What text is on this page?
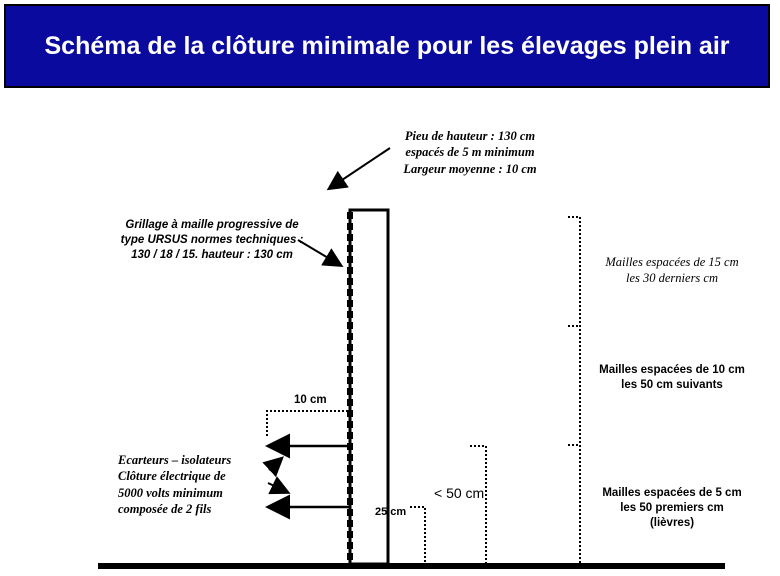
Schéma de la clôture minimale pour les élevages plein air
Pieu de hauteur : 130 cm
espacés de 5 m minimum
Largeur moyenne : 10 cm
Grillage à maille progressive de
type URSUS normes techniques :
130 / 18 / 15. hauteur : 130 cm
10 cm
Ecarteurs – isolateurs
Clôture électrique de
5000 volts minimum
composée de 2 fils
< 50 cm
25 cm
Mailles espacées de 15 cm
les 30 derniers cm
Mailles espacées de 10 cm
les 50 cm suivants
Mailles espacées de 5 cm
les 50 premiers cm
(lièvres)
